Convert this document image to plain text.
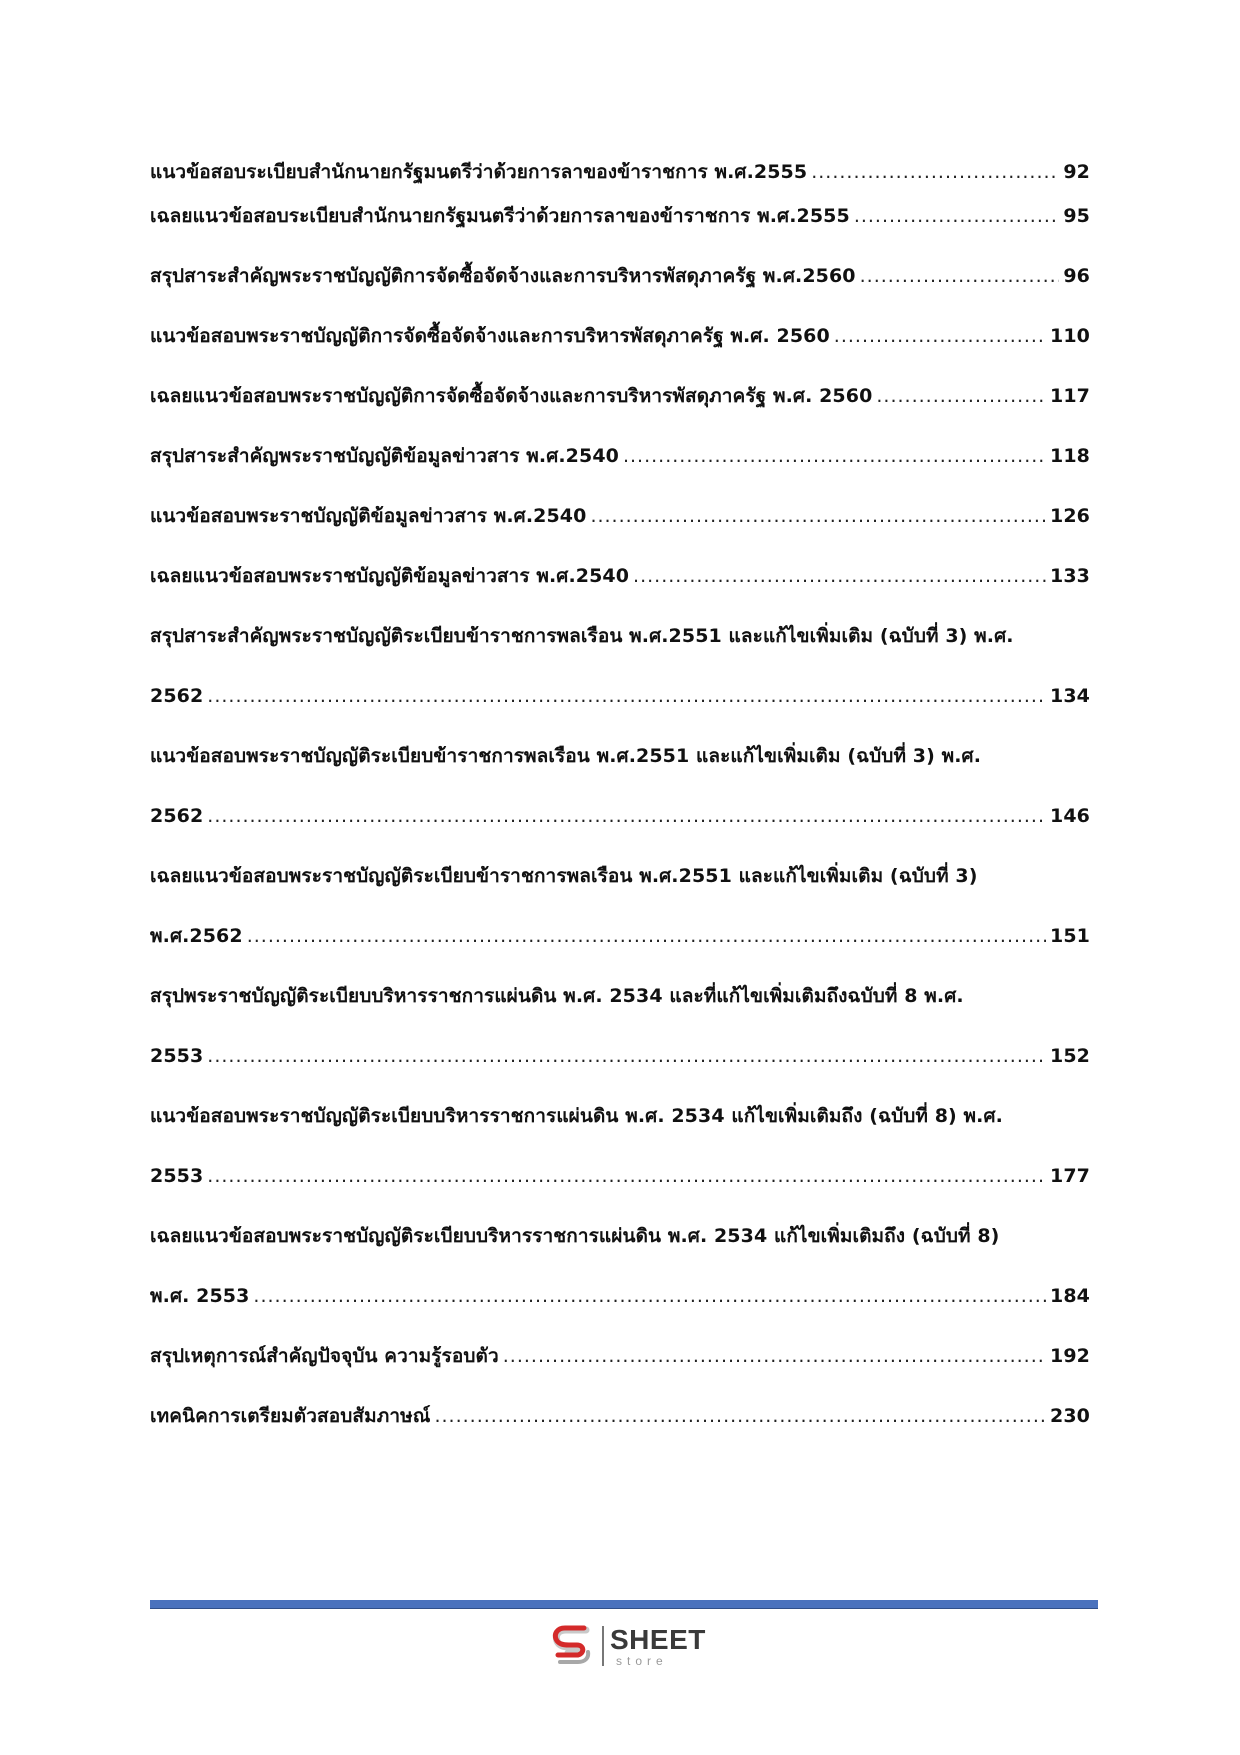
แนวข้อสอบระเบียบสำนักนายกรัฐมนตรีว่าด้วยการลาของข้าราชการ พ.ศ.2555 .....	92
เฉลยแนวข้อสอบระเบียบสำนักนายกรัฐมนตรีว่าด้วยการลาของข้าราชการ พ.ศ.2555 .....	95
สรุปสาระสำคัญพระราชบัญญัติการจัดซื้อจัดจ้างและการบริหารพัสดุภาครัฐ พ.ศ.2560 .....	96
แนวข้อสอบพระราชบัญญัติการจัดซื้อจัดจ้างและการบริหารพัสดุภาครัฐ พ.ศ. 2560 .....	110
เฉลยแนวข้อสอบพระราชบัญญัติการจัดซื้อจัดจ้างและการบริหารพัสดุภาครัฐ พ.ศ. 2560 .....	117
สรุปสาระสำคัญพระราชบัญญัติข้อมูลข่าวสาร พ.ศ.2540 .....	118
แนวข้อสอบพระราชบัญญัติข้อมูลข่าวสาร พ.ศ.2540 .....	126
เฉลยแนวข้อสอบพระราชบัญญัติข้อมูลข่าวสาร พ.ศ.2540 .....	133
สรุปสาระสำคัญพระราชบัญญัติระเบียบข้าราชการพลเรือน พ.ศ.2551 และแก้ไขเพิ่มเติม (ฉบับที่ 3) พ.ศ.
2562 .....	134
แนวข้อสอบพระราชบัญญัติระเบียบข้าราชการพลเรือน พ.ศ.2551 และแก้ไขเพิ่มเติม (ฉบับที่ 3) พ.ศ.
2562 .....	146
เฉลยแนวข้อสอบพระราชบัญญัติระเบียบข้าราชการพลเรือน พ.ศ.2551 และแก้ไขเพิ่มเติม (ฉบับที่ 3)
พ.ศ.2562 .....	151
สรุปพระราชบัญญัติระเบียบบริหารราชการแผ่นดิน พ.ศ. 2534 และที่แก้ไขเพิ่มเติมถึงฉบับที่ 8 พ.ศ.
2553 .....	152
แนวข้อสอบพระราชบัญญัติระเบียบบริหารราชการแผ่นดิน พ.ศ. 2534 แก้ไขเพิ่มเติมถึง (ฉบับที่ 8) พ.ศ.
2553 .....	177
เฉลยแนวข้อสอบพระราชบัญญัติระเบียบบริหารราชการแผ่นดิน พ.ศ. 2534 แก้ไขเพิ่มเติมถึง (ฉบับที่ 8)
พ.ศ. 2553 .....	184
สรุปเหตุการณ์สำคัญปัจจุบัน ความรู้รอบตัว .....	192
เทคนิคการเตรียมตัวสอบสัมภาษณ์ .....	230
SHEET
store
